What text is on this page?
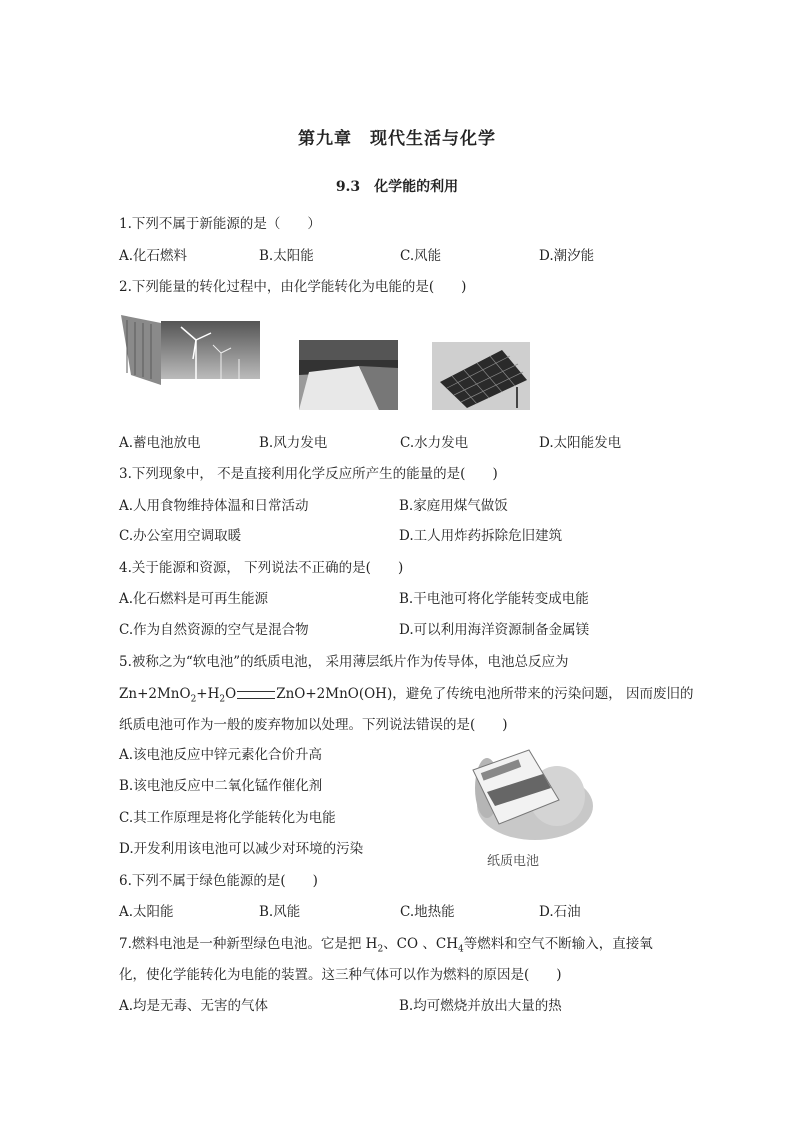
第九章　现代生活与化学
9.3　化学能的利用
1.下列不属于新能源的是（　　）
A.化石燃料	B.太阳能	C.风能	D.潮汐能
2.下列能量的转化过程中，由化学能转化为电能的是(　　)
A.蓄电池放电	B.风力发电	C.水力发电	D.太阳能发电
3.下列现象中， 不是直接利用化学反应所产生的能量的是(　　)
A.人用食物维持体温和日常活动	B.家庭用煤气做饭
C.办公室用空调取暖	D.工人用炸药拆除危旧建筑
4.关于能源和资源， 下列说法不正确的是(　　)
A.化石燃料是可再生能源	B.干电池可将化学能转变成电能
C.作为自然资源的空气是混合物	D.可以利用海洋资源制备金属镁
5.被称之为“软电池”的纸质电池， 采用薄层纸片作为传导体，电池总反应为
$Zn+2MnO_2+H_2O$	ZnO+2MnO(OH)，避免了传统电池所带来的污染问题， 因而废旧的
纸质电池可作为一般的废弃物加以处理。下列说法错误的是(　　)
A.该电池反应中锌元素化合价升高
B.该电池反应中二氧化锰作催化剂
C.其工作原理是将化学能转化为电能
D.开发利用该电池可以减少对环境的污染
纸质电池
6.下列不属于绿色能源的是(　　)
A.太阳能	B.风能	C.地热能	D.石油
7.燃料电池是一种新型绿色电池。它是把 $H_2$、CO 、$CH_4$等燃料和空气不断输入，直接氧
化，使化学能转化为电能的装置。这三种气体可以作为燃料的原因是(　　)
A.均是无毒、无害的气体	B.均可燃烧并放出大量的热
